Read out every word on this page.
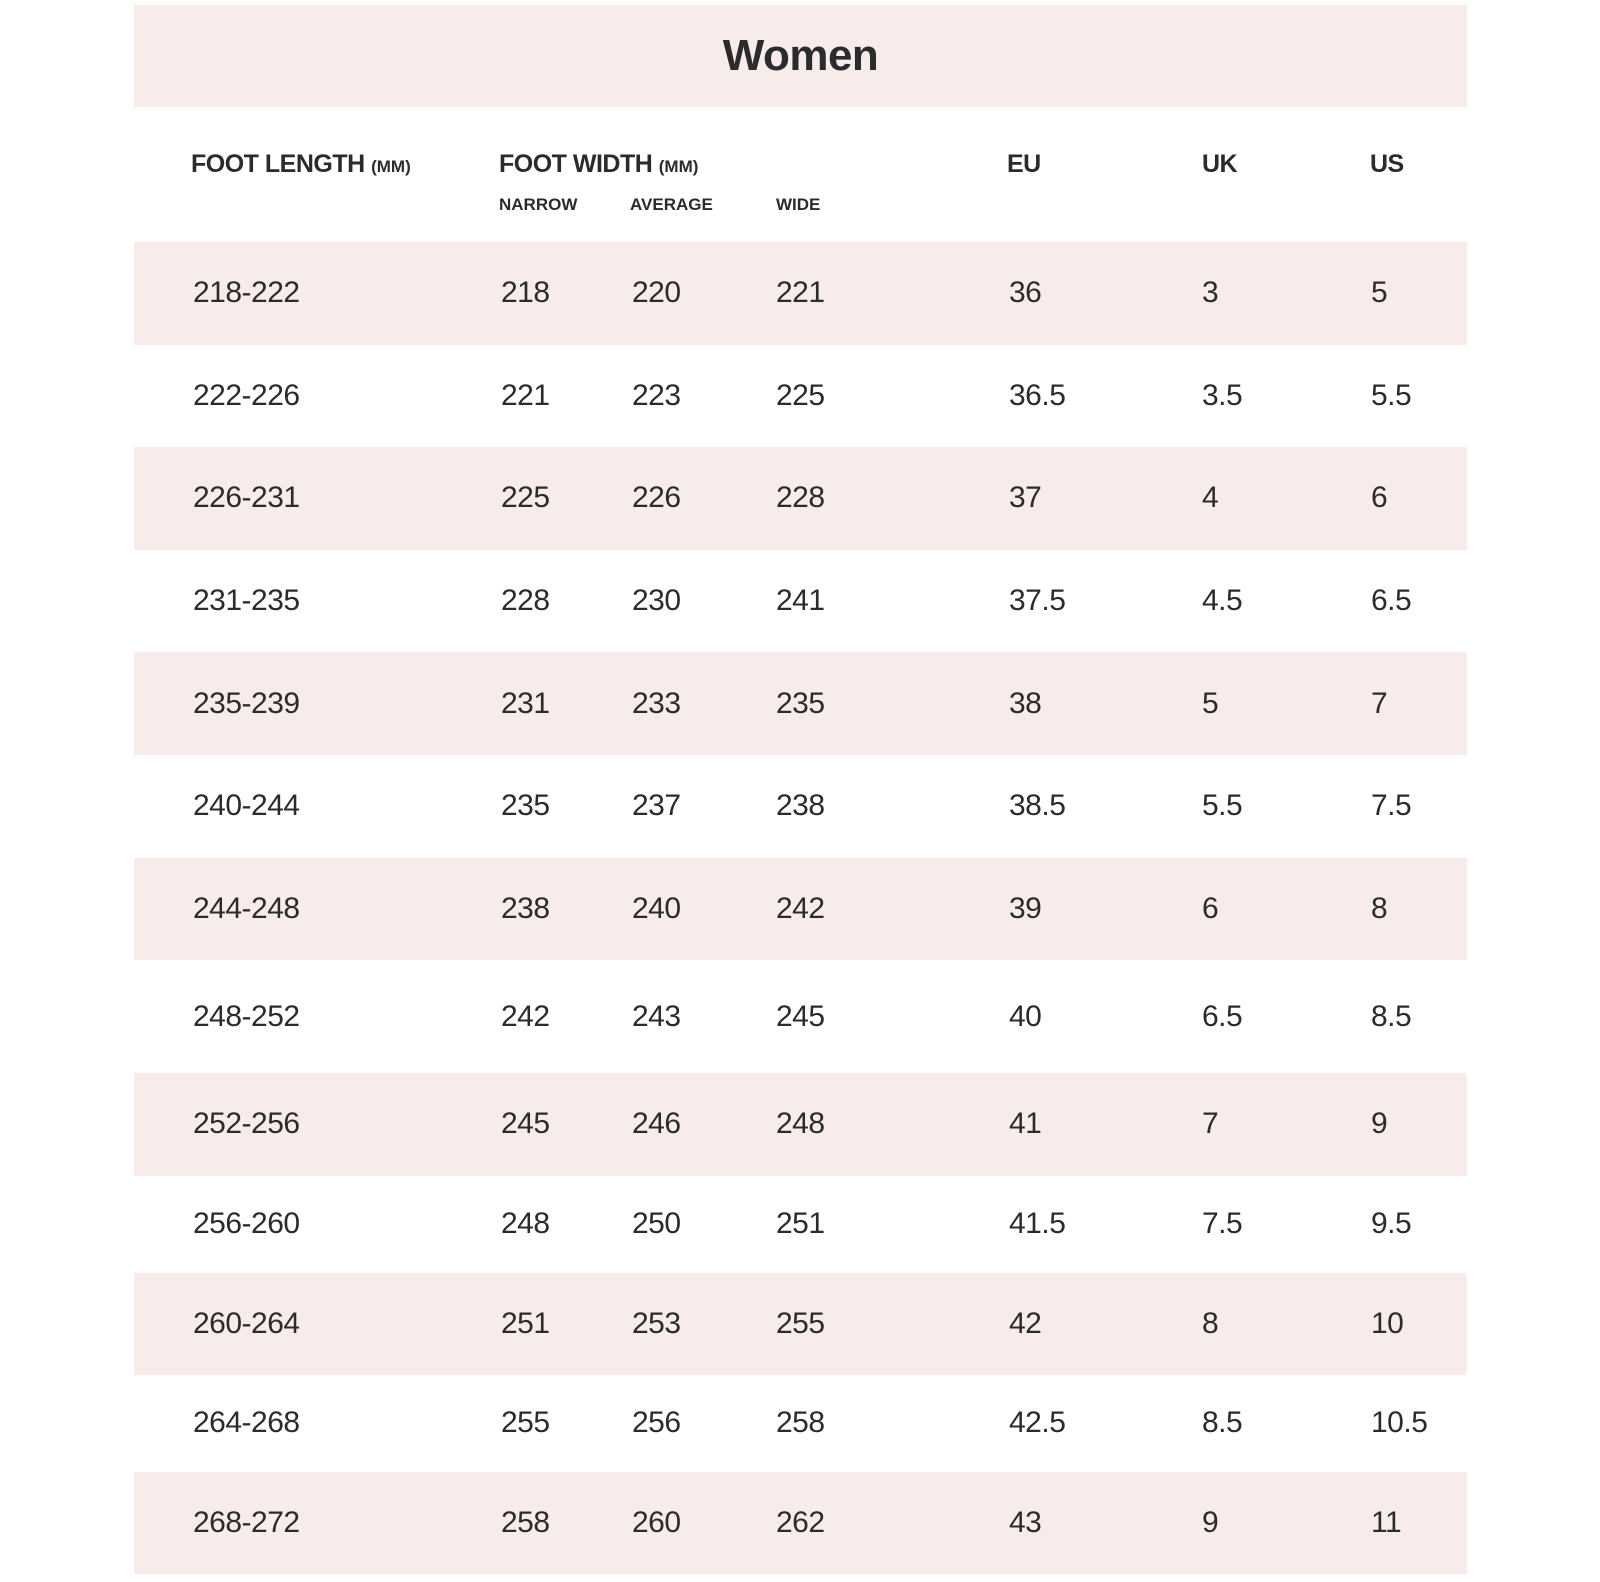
Women
FOOT LENGTH (MM)	FOOT WIDTH (MM)
NARROW	AVERAGE	WIDE
EU	UK	US
218-222	218	220	221	36	3	5
222-226	221	223	225	36.5	3.5	5.5
226-231	225	226	228	37	4	6
231-235	228	230	241	37.5	4.5	6.5
235-239	231	233	235	38	5	7
240-244	235	237	238	38.5	5.5	7.5
244-248	238	240	242	39	6	8
248-252	242	243	245	40	6.5	8.5
252-256	245	246	248	41	7	9
256-260	248	250	251	41.5	7.5	9.5
260-264	251	253	255	42	8	10
264-268	255	256	258	42.5	8.5	10.5
268-272	258	260	262	43	9	11
